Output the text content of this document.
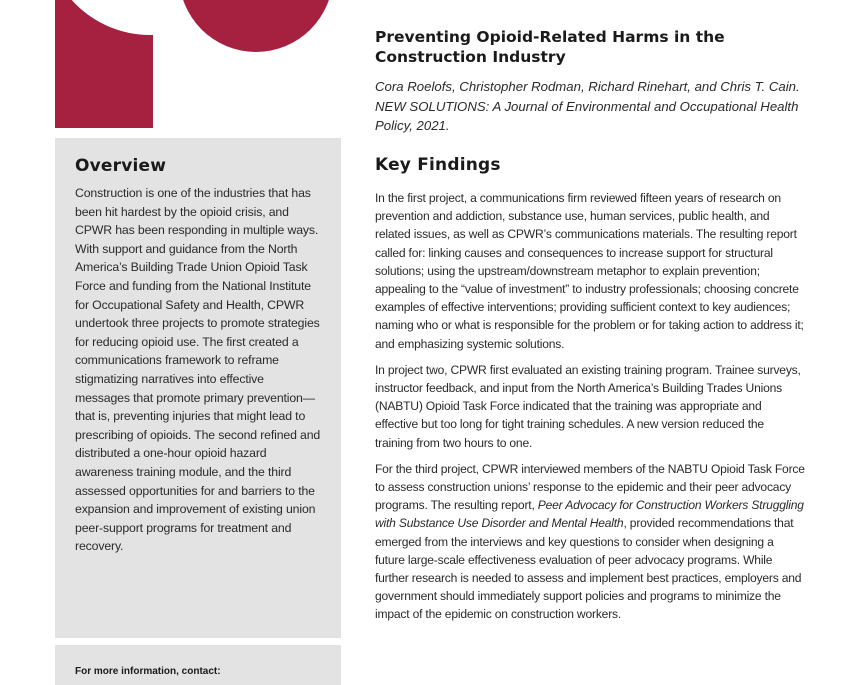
Overview

Construction is one of the industries that has been hit hardest by the opioid crisis, and CPWR has been responding in multiple ways. With support and guidance from the North America’s Building Trade Union Opioid Task Force and funding from the National Institute for Occupational Safety and Health, CPWR undertook three projects to promote strategies for reducing opioid use. The first created a communications framework to reframe stigmatizing narratives into effective messages that promote primary prevention—that is, preventing injuries that might lead to prescribing of opioids. The second refined and distributed a one-hour opioid hazard awareness training module, and the third assessed opportunities for and barriers to the expansion and improvement of existing union peer-support programs for treatment and recovery.

For more information, contact:
Preventing Opioid-Related Harms in the Construction Industry

Cora Roelofs, Christopher Rodman, Richard Rinehart, and Chris T. Cain. NEW SOLUTIONS: A Journal of Environmental and Occupational Health Policy, 2021.

Key Findings

In the first project, a communications firm reviewed fifteen years of research on prevention and addiction, substance use, human services, public health, and related issues, as well as CPWR’s communications materials. The resulting report called for: linking causes and consequences to increase support for structural solutions; using the upstream/downstream metaphor to explain prevention; appealing to the “value of investment” to industry professionals; choosing concrete examples of effective interventions; providing sufficient context to key audiences; naming who or what is responsible for the problem or for taking action to address it; and emphasizing systemic solutions.

In project two, CPWR first evaluated an existing training program. Trainee surveys, instructor feedback, and input from the North America’s Building Trades Unions (NABTU) Opioid Task Force indicated that the training was appropriate and effective but too long for tight training schedules. A new version reduced the training from two hours to one.

For the third project, CPWR interviewed members of the NABTU Opioid Task Force to assess construction unions’ response to the epidemic and their peer advocacy programs. The resulting report, Peer Advocacy for Construction Workers Struggling with Substance Use Disorder and Mental Health, provided recommendations that emerged from the interviews and key questions to consider when designing a future large-scale effectiveness evaluation of peer advocacy programs. While further research is needed to assess and implement best practices, employers and government should immediately support policies and programs to minimize the impact of the epidemic on construction workers.
